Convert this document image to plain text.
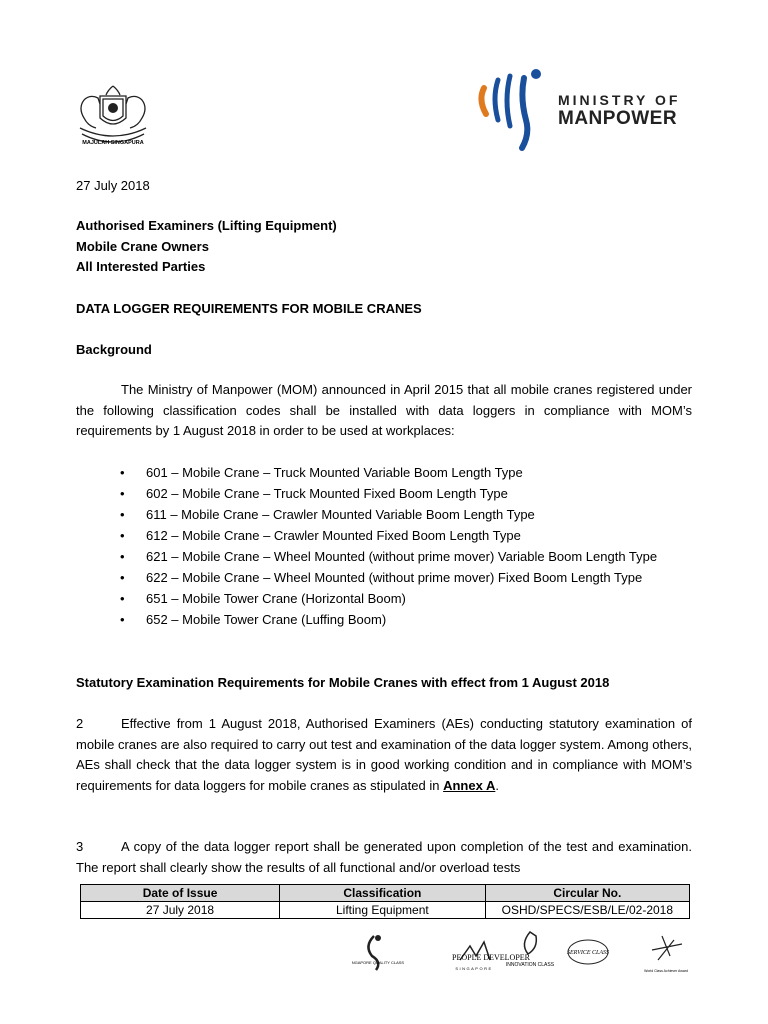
MAJULAH SINGAPURA
MINISTRY OF
MANPOWER
27 July 2018
Authorised Examiners (Lifting Equipment)
Mobile Crane Owners
All Interested Parties
DATA LOGGER REQUIREMENTS FOR MOBILE CRANES
Background
The Ministry of Manpower (MOM) announced in April 2015 that all mobile cranes registered under the following classification codes shall be installed with data loggers in compliance with MOM’s requirements by 1 August 2018 in order to be used at workplaces:
• 601 – Mobile Crane – Truck Mounted Variable Boom Length Type
• 602 – Mobile Crane – Truck Mounted Fixed Boom Length Type
• 611 – Mobile Crane – Crawler Mounted Variable Boom Length Type
• 612 – Mobile Crane – Crawler Mounted Fixed Boom Length Type
• 621 – Mobile Crane – Wheel Mounted (without prime mover) Variable Boom Length Type
• 622 – Mobile Crane – Wheel Mounted (without prime mover) Fixed Boom Length Type
• 651 – Mobile Tower Crane (Horizontal Boom)
• 652 – Mobile Tower Crane (Luffing Boom)
Statutory Examination Requirements for Mobile Cranes with effect from 1 August 2018
2	Effective from 1 August 2018, Authorised Examiners (AEs) conducting statutory examination of mobile cranes are also required to carry out test and examination of the data logger system. Among others, AEs shall check that the data logger system is in good working condition and in compliance with MOM’s requirements for data loggers for mobile cranes as stipulated in Annex A.
3	A copy of the data logger report shall be generated upon completion of the test and examination. The report shall clearly show the results of all functional and/or overload tests
Date of Issue	Classification	Circular No.
27 July 2018	Lifting Equipment	OSHD/SPECS/ESB/LE/02-2018
SINGAPORE QUALITY CLASS
PEOPLE DEVELOPER
SINGAPORE
INNOVATION CLASS
SERVICE CLASS
World Class Achiever Award
